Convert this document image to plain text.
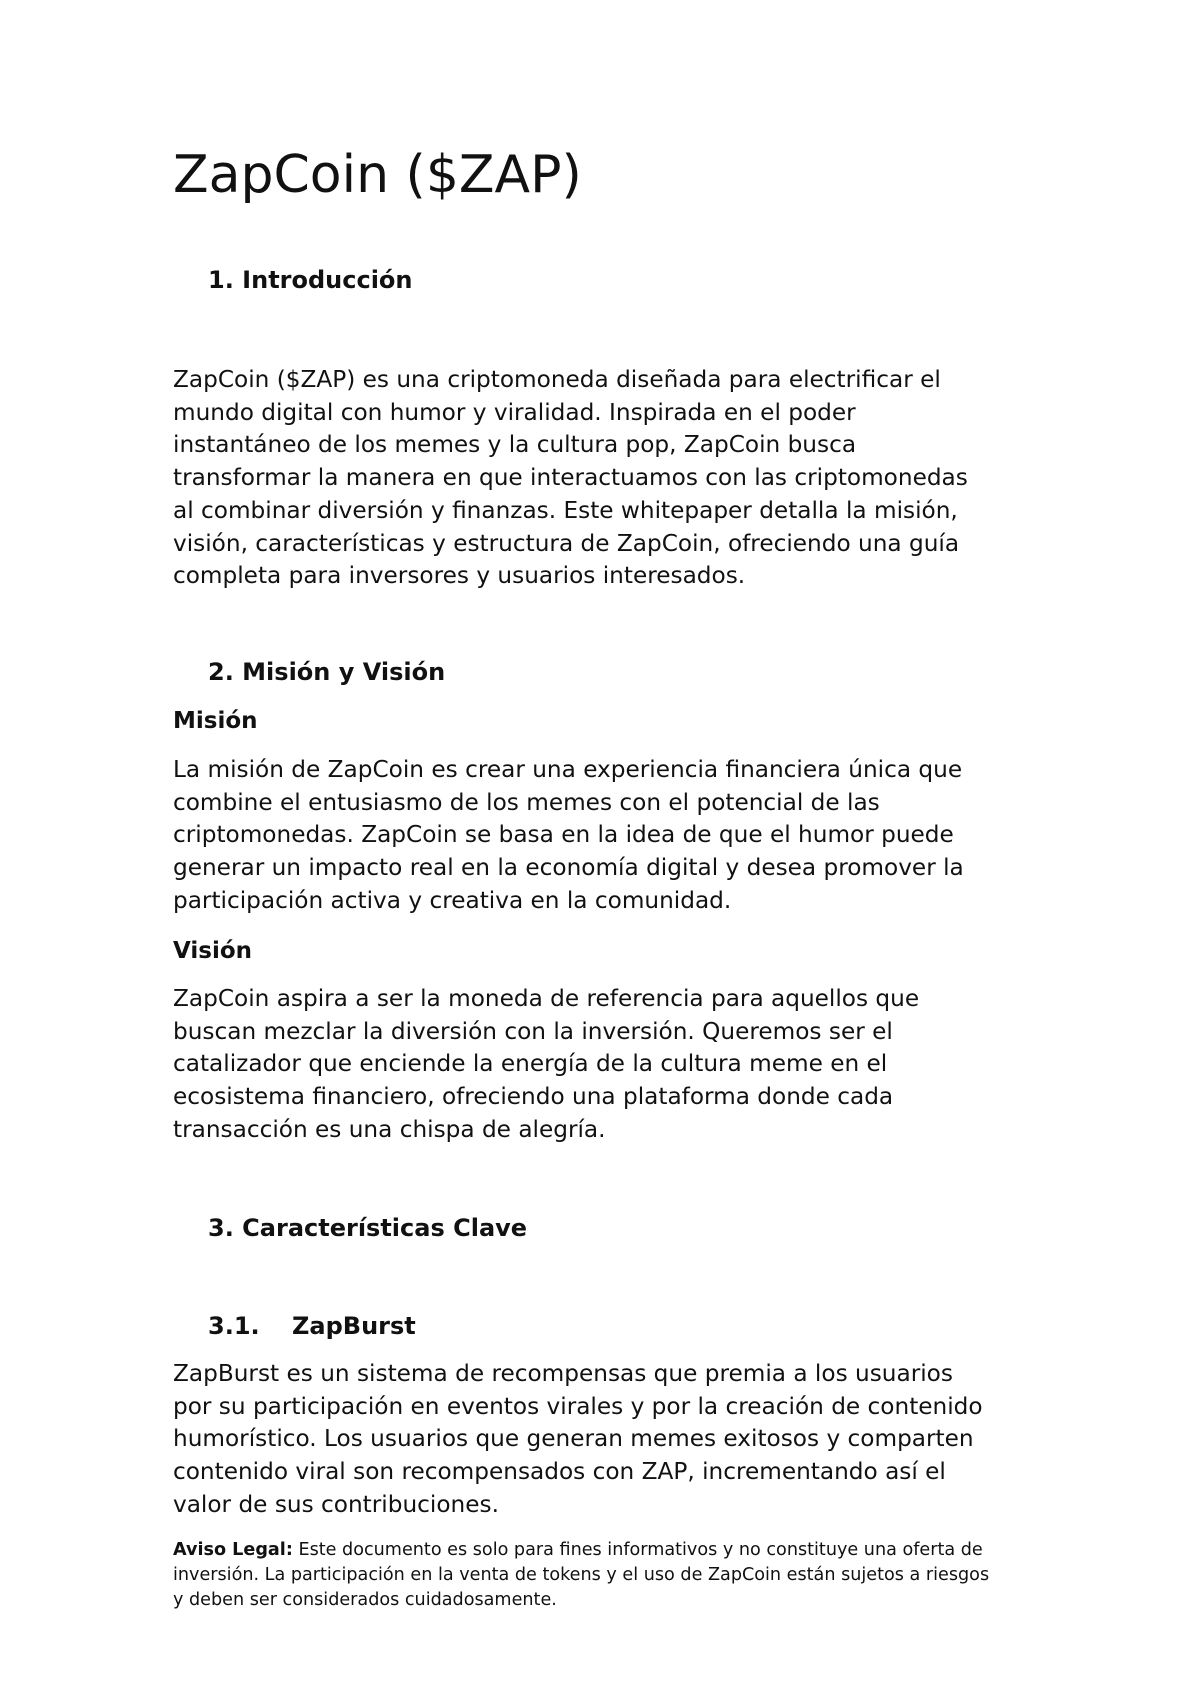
ZapCoin ($ZAP)
1. Introducción
ZapCoin ($ZAP) es una criptomoneda diseñada para electrificar el
mundo digital con humor y viralidad. Inspirada en el poder
instantáneo de los memes y la cultura pop, ZapCoin busca
transformar la manera en que interactuamos con las criptomonedas
al combinar diversión y finanzas. Este whitepaper detalla la misión,
visión, características y estructura de ZapCoin, ofreciendo una guía
completa para inversores y usuarios interesados.
2. Misión y Visión
Misión
La misión de ZapCoin es crear una experiencia financiera única que
combine el entusiasmo de los memes con el potencial de las
criptomonedas. ZapCoin se basa en la idea de que el humor puede
generar un impacto real en la economía digital y desea promover la
participación activa y creativa en la comunidad.
Visión
ZapCoin aspira a ser la moneda de referencia para aquellos que
buscan mezclar la diversión con la inversión. Queremos ser el
catalizador que enciende la energía de la cultura meme en el
ecosistema financiero, ofreciendo una plataforma donde cada
transacción es una chispa de alegría.
3. Características Clave
3.1. ZapBurst
ZapBurst es un sistema de recompensas que premia a los usuarios
por su participación en eventos virales y por la creación de contenido
humorístico. Los usuarios que generan memes exitosos y comparten
contenido viral son recompensados con ZAP, incrementando así el
valor de sus contribuciones.
Aviso Legal: Este documento es solo para fines informativos y no constituye una oferta de
inversión. La participación en la venta de tokens y el uso de ZapCoin están sujetos a riesgos
y deben ser considerados cuidadosamente.
